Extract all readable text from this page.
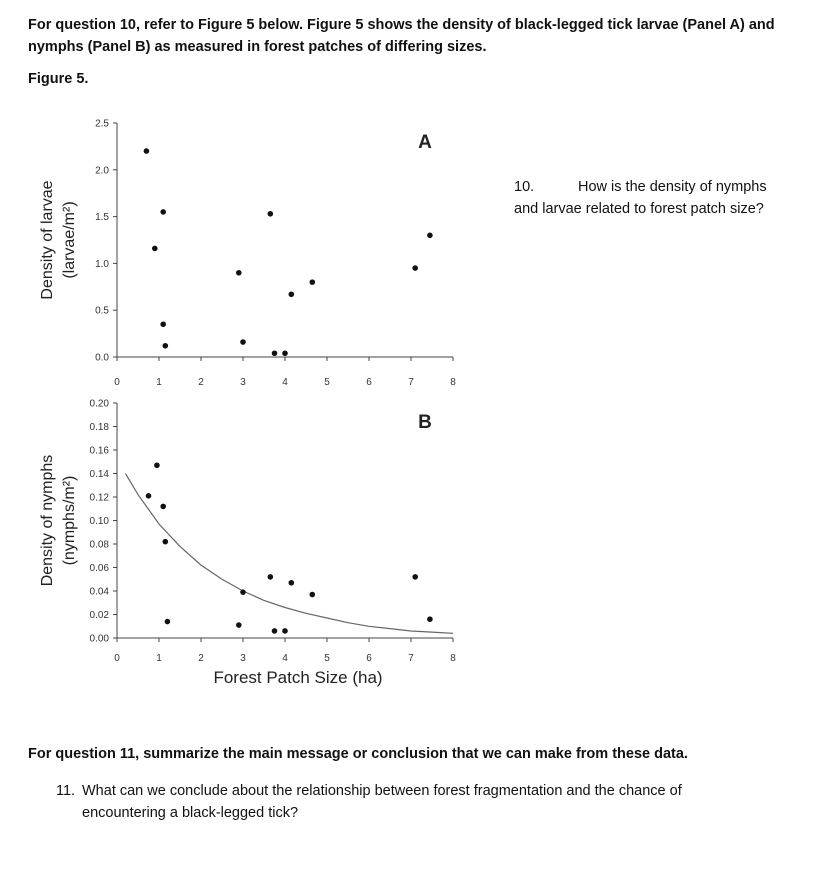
For question 10, refer to Figure 5 below. Figure 5 shows the density of black-legged tick larvae (Panel A) and nymphs (Panel B) as measured in forest patches of differing sizes.
Figure 5.
0.0
0.5
1.0
1.5
2.0
2.5
0	1	2	3	4	5	6	7	8
A
Density of larvae (larvae/m²)
0.00
0.02
0.04
0.06
0.08
0.10
0.12
0.14
0.16
0.18
0.20
0	1	2	3	4	5	6	7	8
B
Density of nymphs (nymphs/m²)
Forest Patch Size (ha)
10.	How is the density of nymphs and larvae related to forest patch size?
For question 11, summarize the main message or conclusion that we can make from these data.
11. What can we conclude about the relationship between forest fragmentation and the chance of
encountering a black-legged tick?
